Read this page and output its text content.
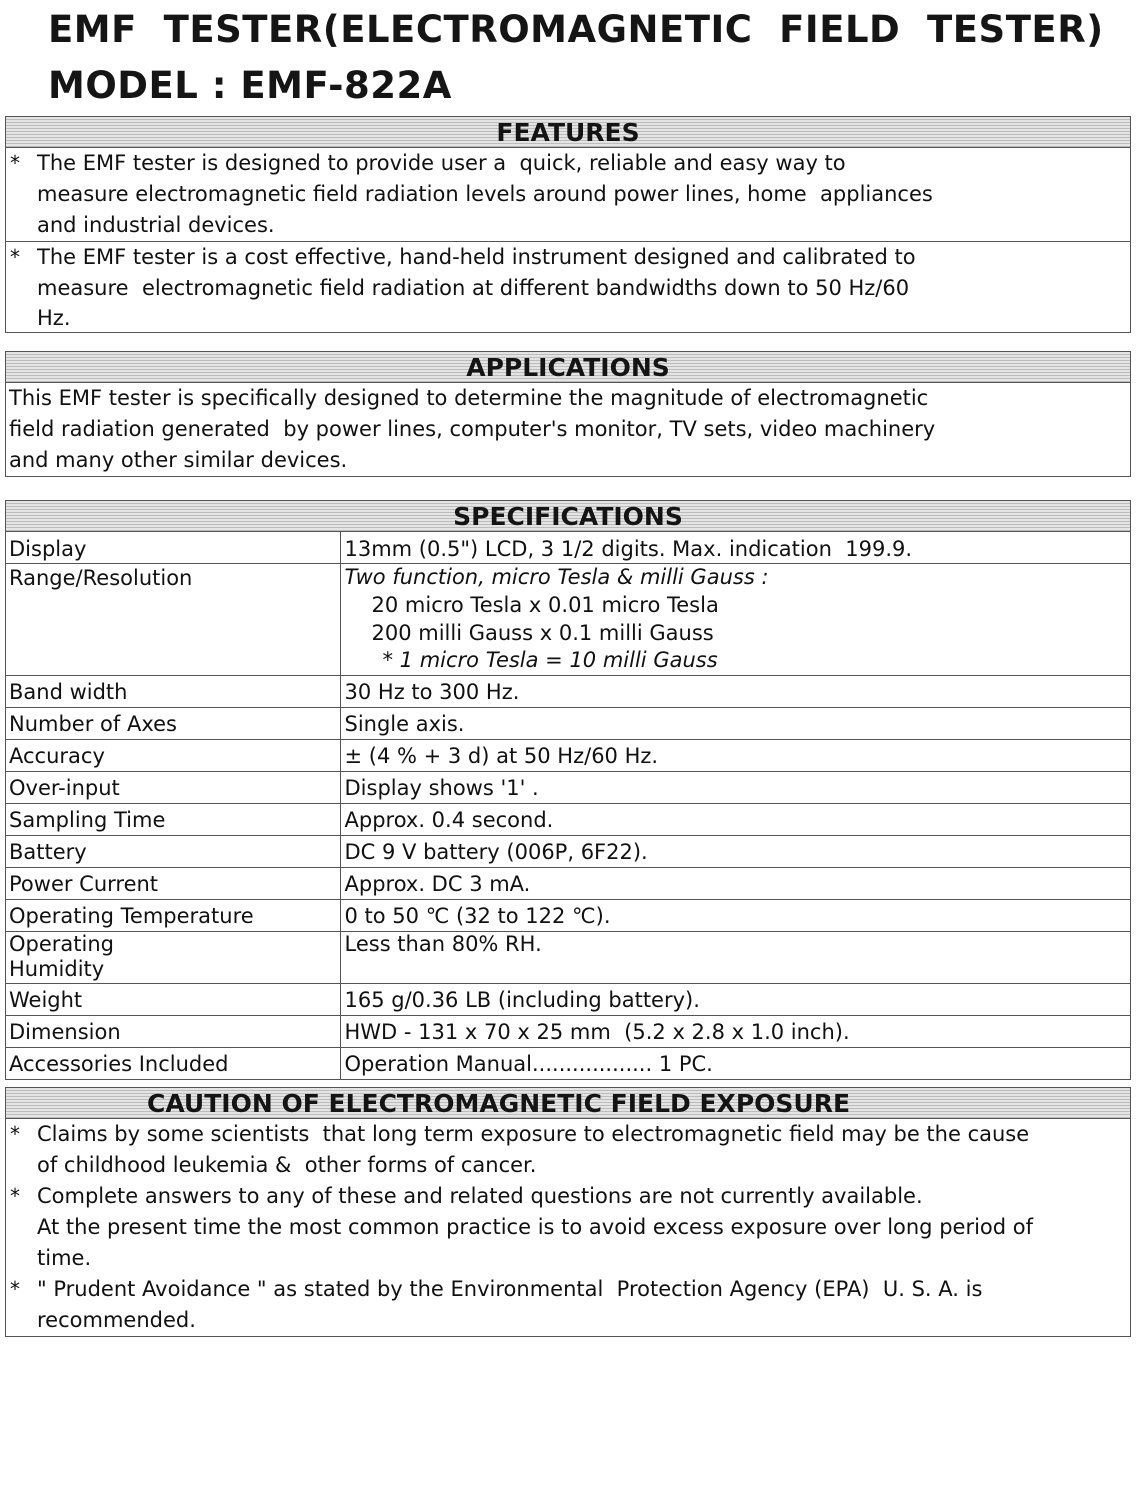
EMF  TESTER(ELECTROMAGNETIC  FIELD  TESTER)
MODEL : EMF-822A
FEATURES
* The EMF tester is designed to provide user a  quick, reliable and easy way to
measure electromagnetic field radiation levels around power lines, home  appliances
and industrial devices.
* The EMF tester is a cost effective, hand-held instrument designed and calibrated to
measure  electromagnetic field radiation at different bandwidths down to 50 Hz/60
Hz.
APPLICATIONS
This EMF tester is specifically designed to determine the magnitude of electromagnetic
field radiation generated  by power lines, computer's monitor, TV sets, video machinery
and many other similar devices.
SPECIFICATIONS
Display	13mm (0.5") LCD, 3 1/2 digits. Max. indication  199.9.
Range/Resolution	Two function, micro Tesla & milli Gauss :
20 micro Tesla x 0.01 micro Tesla
200 milli Gauss x 0.1 milli Gauss
* 1 micro Tesla = 10 milli Gauss

Band width	30 Hz to 300 Hz.
Number of Axes	Single axis.
Accuracy	± (4 % + 3 d) at 50 Hz/60 Hz.
Over-input	Display shows '1' .
Sampling Time	Approx. 0.4 second.
Battery	DC 9 V battery (006P, 6F22).
Power Current	Approx. DC 3 mA.
Operating Temperature	0 to 50 ℃ (32 to 122 ℃).

Operating
Humidity	Less than 80% RH.
Weight	165 g/0.36 LB (including battery).
Dimension	HWD - 131 x 70 x 25 mm  (5.2 x 2.8 x 1.0 inch).
Accessories Included	Operation Manual.................. 1 PC.
CAUTION OF ELECTROMAGNETIC FIELD EXPOSURE
* Claims by some scientists  that long term exposure to electromagnetic field may be the cause
of childhood leukemia &  other forms of cancer.
* Complete answers to any of these and related questions are not currently available.
At the present time the most common practice is to avoid excess exposure over long period of
time.
* " Prudent Avoidance " as stated by the Environmental  Protection Agency (EPA)  U. S. A. is
recommended.
